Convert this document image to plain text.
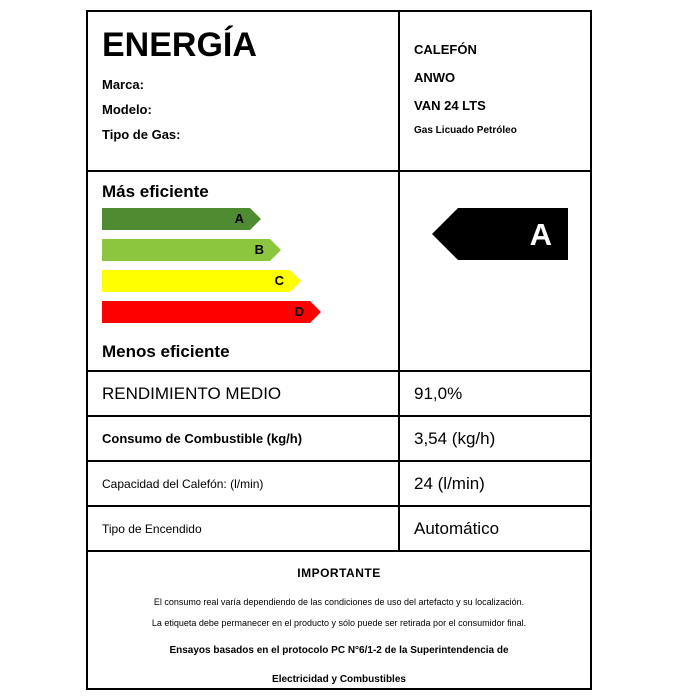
ENERGÍA
Marca:
Modelo:
Tipo de Gas:
CALEFÓN
ANWO
VAN 24 LTS
Gas Licuado Petróleo
Más eficiente
A
B
C
D
Menos eficiente
A
RENDIMIENTO MEDIO	91,0%
Consumo de Combustible (kg/h)	3,54 (kg/h)
Capacidad del Calefón: (l/min)	24 (l/min)
Tipo de Encendido	Automático
IMPORTANTE
El consumo real varía dependiendo de las condiciones de uso del artefacto y su localización.
La etiqueta debe permanecer en el producto y sólo puede ser retirada por el consumidor final.
Ensayos basados en el protocolo PC N°6/1-2 de la Superintendencia de
Electricidad y Combustibles
